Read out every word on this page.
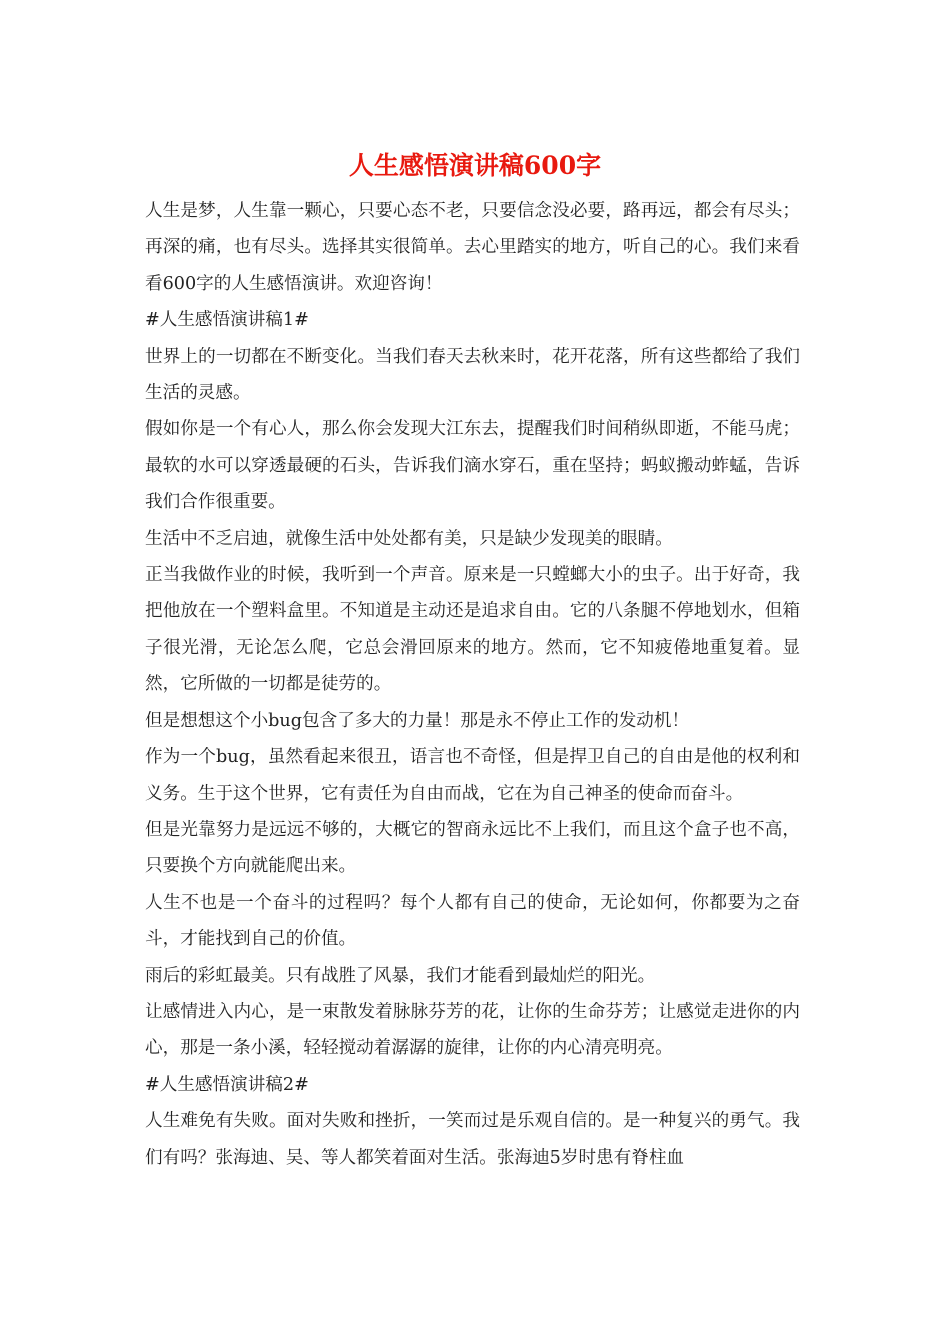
人生感悟演讲稿600字

人生是梦，人生靠一颗心，只要心态不老，只要信念没必要，路再远，都会有尽头；再深的痛，也有尽头。选择其实很简单。去心里踏实的地方，听自己的心。我们来看看600字的人生感悟演讲。欢迎咨询！

#人生感悟演讲稿1#

世界上的一切都在不断变化。当我们春天去秋来时，花开花落，所有这些都给了我们生活的灵感。

假如你是一个有心人，那么你会发现大江东去，提醒我们时间稍纵即逝，不能马虎；最软的水可以穿透最硬的石头，告诉我们滴水穿石，重在坚持；蚂蚁搬动蚱蜢，告诉我们合作很重要。

生活中不乏启迪，就像生活中处处都有美，只是缺少发现美的眼睛。

正当我做作业的时候，我听到一个声音。原来是一只螳螂大小的虫子。出于好奇，我把他放在一个塑料盒里。不知道是主动还是追求自由。它的八条腿不停地划水，但箱子很光滑，无论怎么爬，它总会滑回原来的地方。然而，它不知疲倦地重复着。显然，它所做的一切都是徒劳的。

但是想想这个小bug包含了多大的力量！那是永不停止工作的发动机！

作为一个bug，虽然看起来很丑，语言也不奇怪，但是捍卫自己的自由是他的权利和义务。生于这个世界，它有责任为自由而战，它在为自己神圣的使命而奋斗。

但是光靠努力是远远不够的，大概它的智商永远比不上我们，而且这个盒子也不高，只要换个方向就能爬出来。

人生不也是一个奋斗的过程吗？每个人都有自己的使命，无论如何，你都要为之奋斗，才能找到自己的价值。

雨后的彩虹最美。只有战胜了风暴，我们才能看到最灿烂的阳光。

让感情进入内心，是一束散发着脉脉芬芳的花，让你的生命芬芳；让感觉走进你的内心，那是一条小溪，轻轻搅动着潺潺的旋律，让你的内心清亮明亮。

#人生感悟演讲稿2#

人生难免有失败。面对失败和挫折，一笑而过是乐观自信的。是一种复兴的勇气。我们有吗？张海迪、吴、等人都笑着面对生活。张海迪5岁时患有脊柱血
